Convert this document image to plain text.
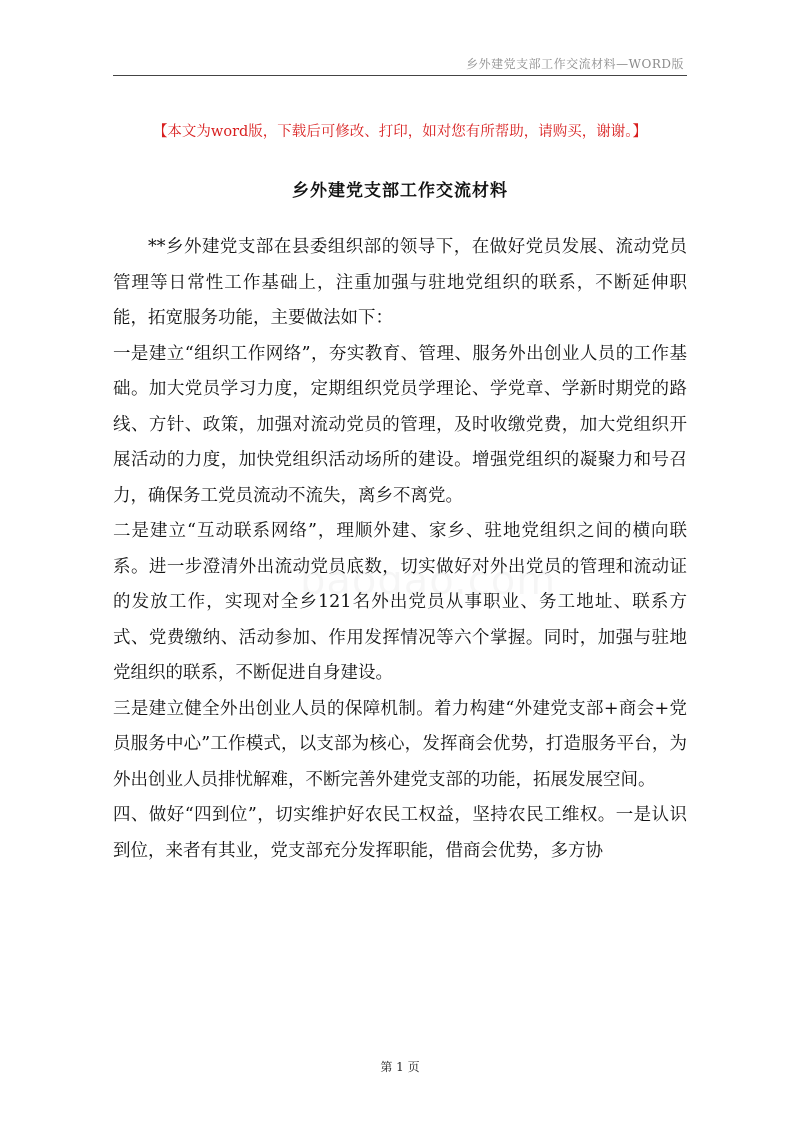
乡外建党支部工作交流材料—WORD版
【本文为word版，下载后可修改、打印，如对您有所帮助，请购买，谢谢。】
乡外建党支部工作交流材料

**乡外建党支部在县委组织部的领导下，在做好党员发展、流动党员管理等日常性工作基础上，注重加强与驻地党组织的联系，不断延伸职能，拓宽服务功能，主要做法如下：

一是建立“组织工作网络”，夯实教育、管理、服务外出创业人员的工作基础。加大党员学习力度，定期组织党员学理论、学党章、学新时期党的路线、方针、政策，加强对流动党员的管理，及时收缴党费，加大党组织开展活动的力度，加快党组织活动场所的建设。增强党组织的凝聚力和号召力，确保务工党员流动不流失，离乡不离党。

二是建立“互动联系网络”，理顺外建、家乡、驻地党组织之间的横向联系。进一步澄清外出流动党员底数，切实做好对外出党员的管理和流动证的发放工作，实现对全乡121名外出党员从事职业、务工地址、联系方式、党费缴纳、活动参加、作用发挥情况等六个掌握。同时，加强与驻地党组织的联系，不断促进自身建设。

三是建立健全外出创业人员的保障机制。着力构建“外建党支部+商会+党员服务中心”工作模式，以支部为核心，发挥商会优势，打造服务平台，为外出创业人员排忧解难，不断完善外建党支部的功能，拓展发展空间。

四、做好“四到位”，切实维护好农民工权益，坚持农民工维权。一是认识到位，来者有其业，党支部充分发挥职能，借商会优势，多方协

第 1 页
